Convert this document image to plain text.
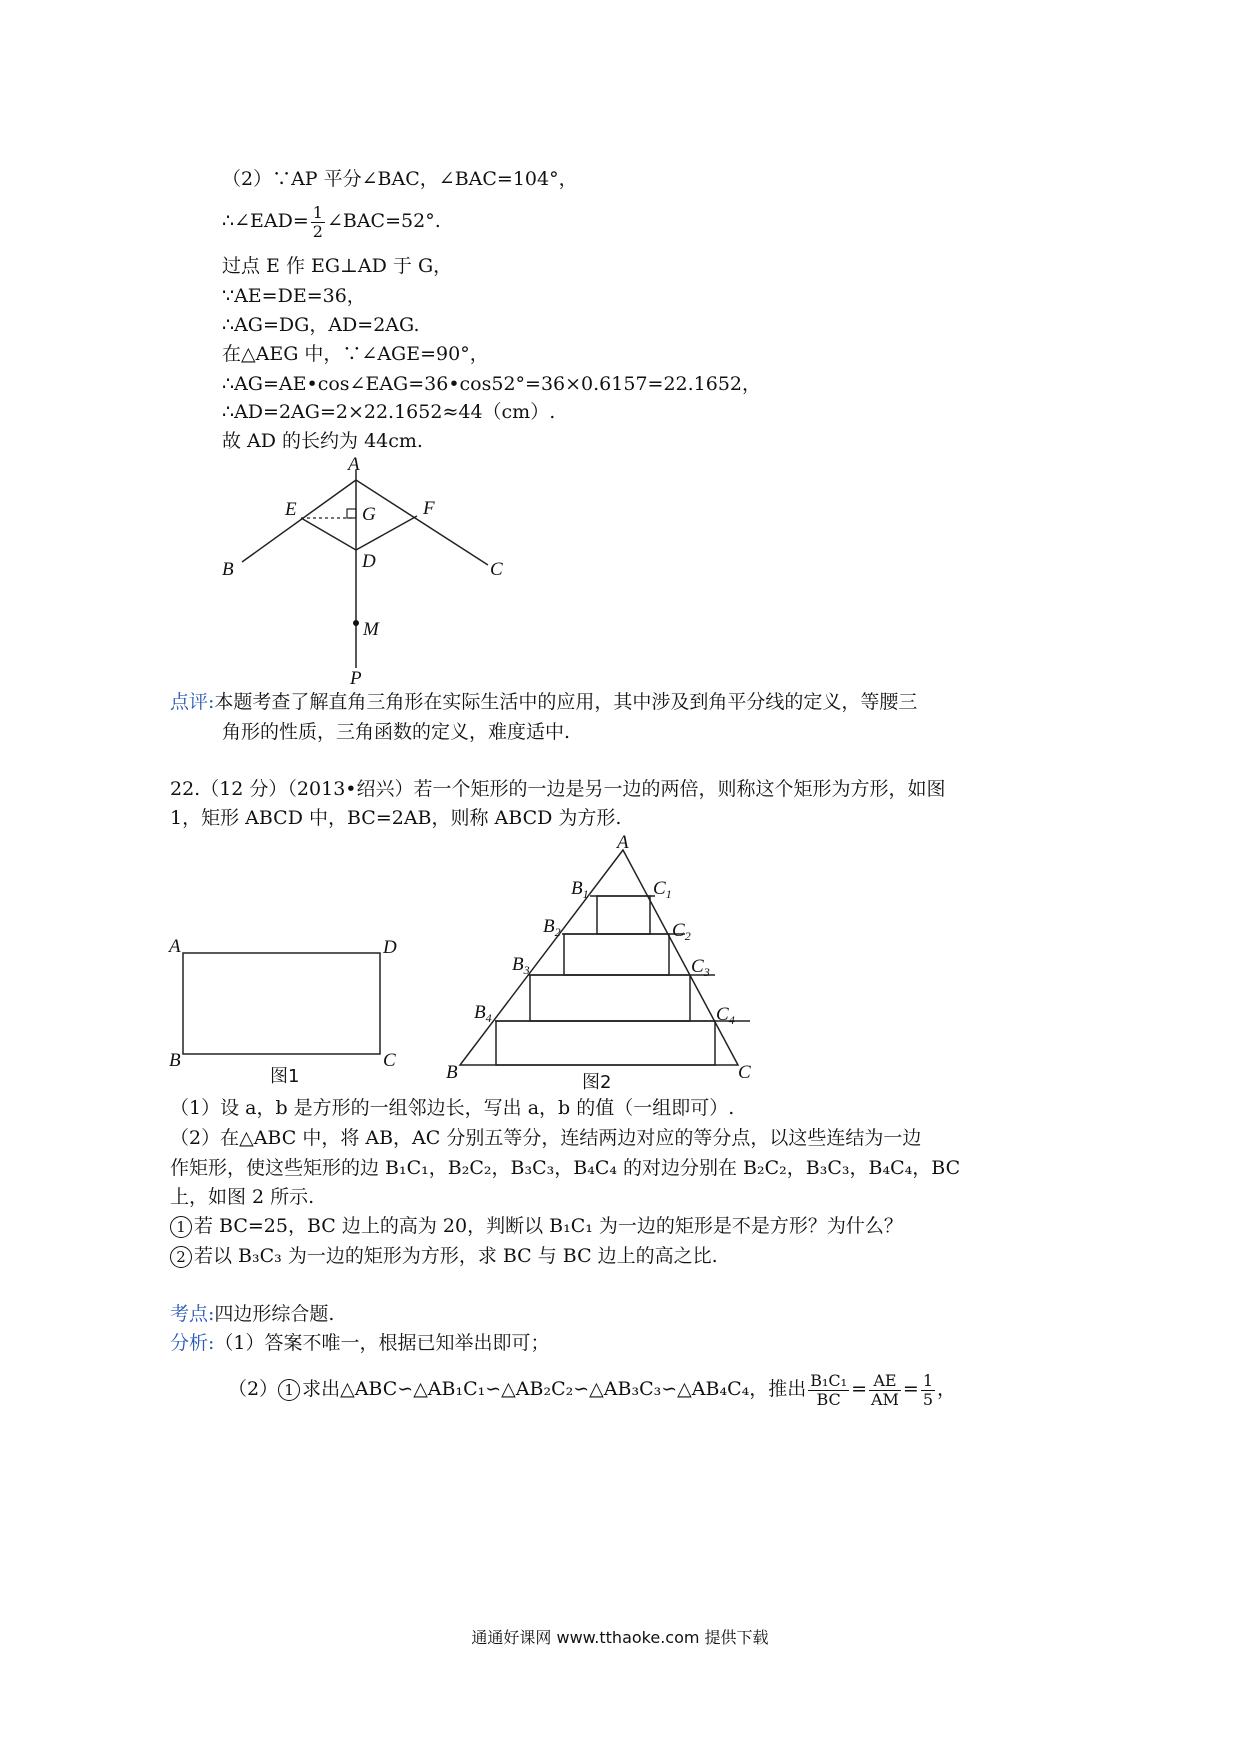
（2）∵AP 平分∠BAC，∠BAC=104°，
∴∠EAD= $\frac{1}{2}$ ∠BAC=52°.
过点 E 作 EG⊥AD 于 G，
∵AE=DE=36，
∴AG=DG，AD=2AG.
在△AEG 中，∵∠AGE=90°，
∴AG=AE•cos∠EAG=36•cos52°=36×0.6157=22.1652，
∴AD=2AG=2×22.1652≈44（cm）.
故 AD 的长约为 44cm.
A
E	G F
B	D	C
M
P
点评:本题考查了解直角三角形在实际生活中的应用，其中涉及到角平分线的定义，等腰三
角形的性质，三角函数的定义，难度适中.
22.（12 分）（2013•绍兴）若一个矩形的一边是另一边的两倍，则称这个矩形为方形，如图
1，矩形 ABCD 中，BC=2AB，则称 ABCD 为方形.
A	D
B	C
图1
A
$B_1$	$C_1$
$B_2$	$C_2$
$B_3$	$C_3$
$B_4$	$C_4$
B	C
图2
（1）设 a，b 是方形的一组邻边长，写出 a，b 的值（一组即可）.
（2）在△ABC 中，将 AB，AC 分别五等分，连结两边对应的等分点，以这些连结为一边
作矩形，使这些矩形的边 B₁C₁，B₂C₂，B₃C₃，B₄C₄ 的对边分别在 B₂C₂，B₃C₃，B₄C₄，BC
上，如图 2 所示.
1 若 BC=25，BC 边上的高为 20，判断以 B₁C₁ 为一边的矩形是不是方形？为什么？
2 若以 B₃C₃ 为一边的矩形为方形，求 BC 与 BC 边上的高之比.
考点:四边形综合题.
分析:（1）答案不唯一，根据已知举出即可；
（2） 1 求出△ABC∽△AB₁C₁∽△AB₂C₂∽△AB₃C₃∽△AB₄C₄，推出 $\frac{\text{B₁C₁}}{BC} = \frac{AE}{AM} = \frac{1}{5}$ ，
通通好课网 www.tthaoke.com 提供下载
